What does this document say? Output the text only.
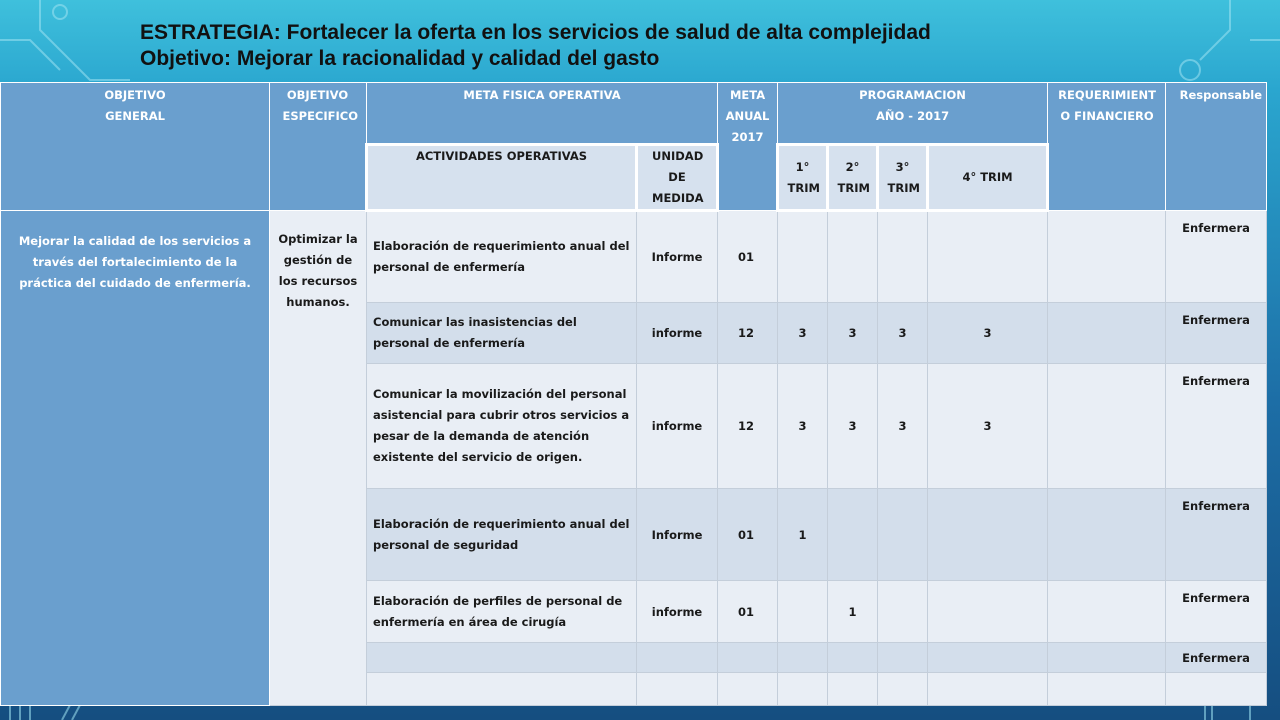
ESTRATEGIA: Fortalecer la oferta en los servicios de salud de alta complejidad
Objetivo: Mejorar la racionalidad y calidad del gasto
OBJETIVO GENERAL	OBJETIVO ESPECIFICO	META FISICA OPERATIVA		META ANUAL 2017	PROGRAMACION
AÑO - 2017				REQUERIMIENTO FINANCIERO	Responsable
		ACTIVIDADES OPERATIVAS	UNIDAD DE MEDIDA		1° TRIM	2° TRIM	3° TRIM	4° TRIM		
Mejorar la calidad de los servicios a través del fortalecimiento de la práctica del cuidado de enfermería.	Optimizar la gestión de los recursos humanos.	Elaboración de requerimiento anual del personal de enfermería	Informe	01						Enfermera
		Comunicar las inasistencias del personal de enfermería	informe	12	3	3	3	3		Enfermera
		Comunicar la movilización del personal asistencial para cubrir otros servicios a pesar de la demanda de atención existente del servicio de origen.	informe	12	3	3	3	3		Enfermera
		Elaboración de requerimiento anual del personal de seguridad	Informe	01	1					Enfermera
		Elaboración de perfiles de personal de enfermería en área de cirugía	informe	01		1				Enfermera
										Enfermera
